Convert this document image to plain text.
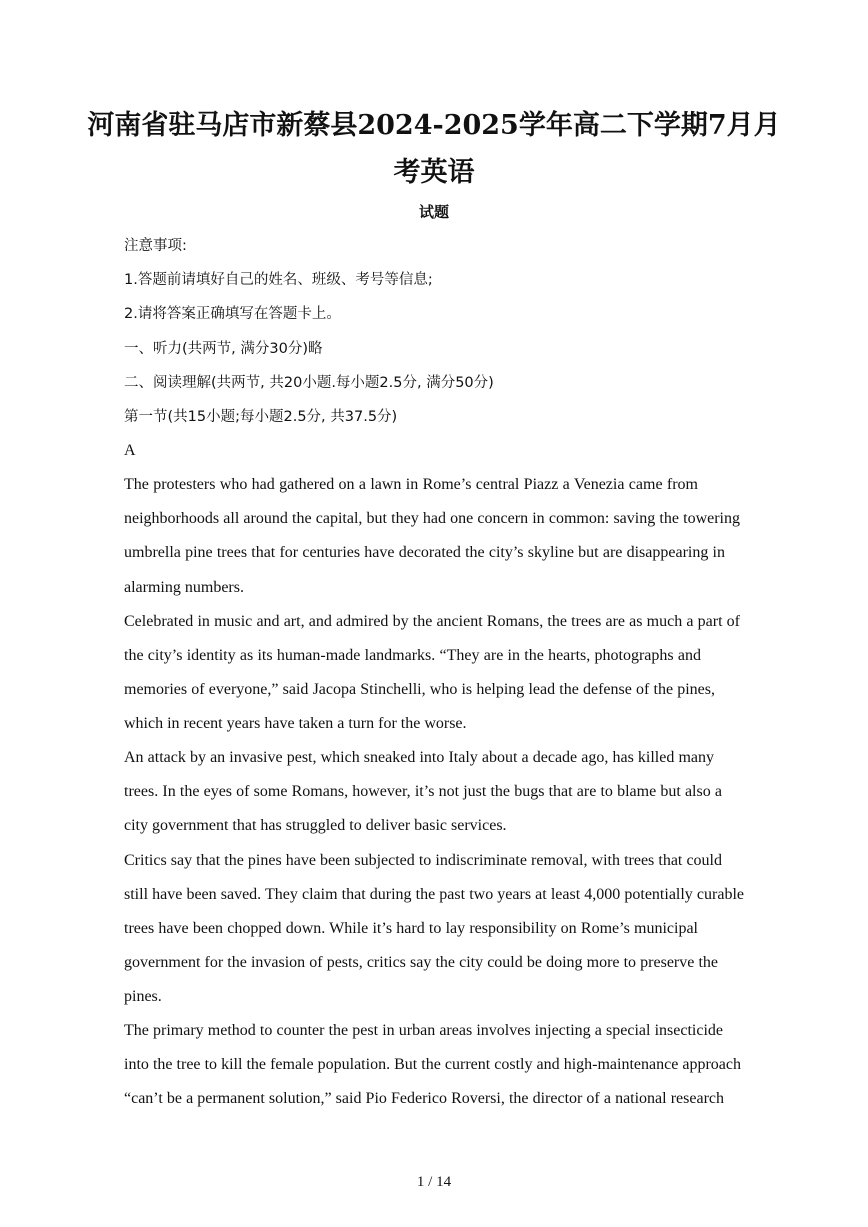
河南省驻马店市新蔡县2024-2025学年高二下学期7月月
考英语
试题
注意事项:
1.答题前请填好自己的姓名、班级、考号等信息;
2.请将答案正确填写在答题卡上。
一、听力(共两节, 满分30分)略
二、阅读理解(共两节, 共20小题.每小题2.5分, 满分50分)
第一节(共15小题;每小题2.5分, 共37.5分)
A
The protesters who had gathered on a lawn in Rome’s central Piazz a Venezia came from
neighborhoods all around the capital, but they had one concern in common: saving the towering
umbrella pine trees that for centuries have decorated the city’s skyline but are disappearing in
alarming numbers.
Celebrated in music and art, and admired by the ancient Romans, the trees are as much a part of
the city’s identity as its human-made landmarks. “They are in the hearts, photographs and
memories of everyone,” said Jacopa Stinchelli, who is helping lead the defense of the pines,
which in recent years have taken a turn for the worse.
An attack by an invasive pest, which sneaked into Italy about a decade ago, has killed many
trees. In the eyes of some Romans, however, it’s not just the bugs that are to blame but also a
city government that has struggled to deliver basic services.
Critics say that the pines have been subjected to indiscriminate removal, with trees that could
still have been saved. They claim that during the past two years at least 4,000 potentially curable
trees have been chopped down. While it’s hard to lay responsibility on Rome’s municipal
government for the invasion of pests, critics say the city could be doing more to preserve the
pines.
The primary method to counter the pest in urban areas involves injecting a special insecticide
into the tree to kill the female population. But the current costly and high-maintenance approach
“can’t be a permanent solution,” said Pio Federico Roversi, the director of a national research
1 / 14
